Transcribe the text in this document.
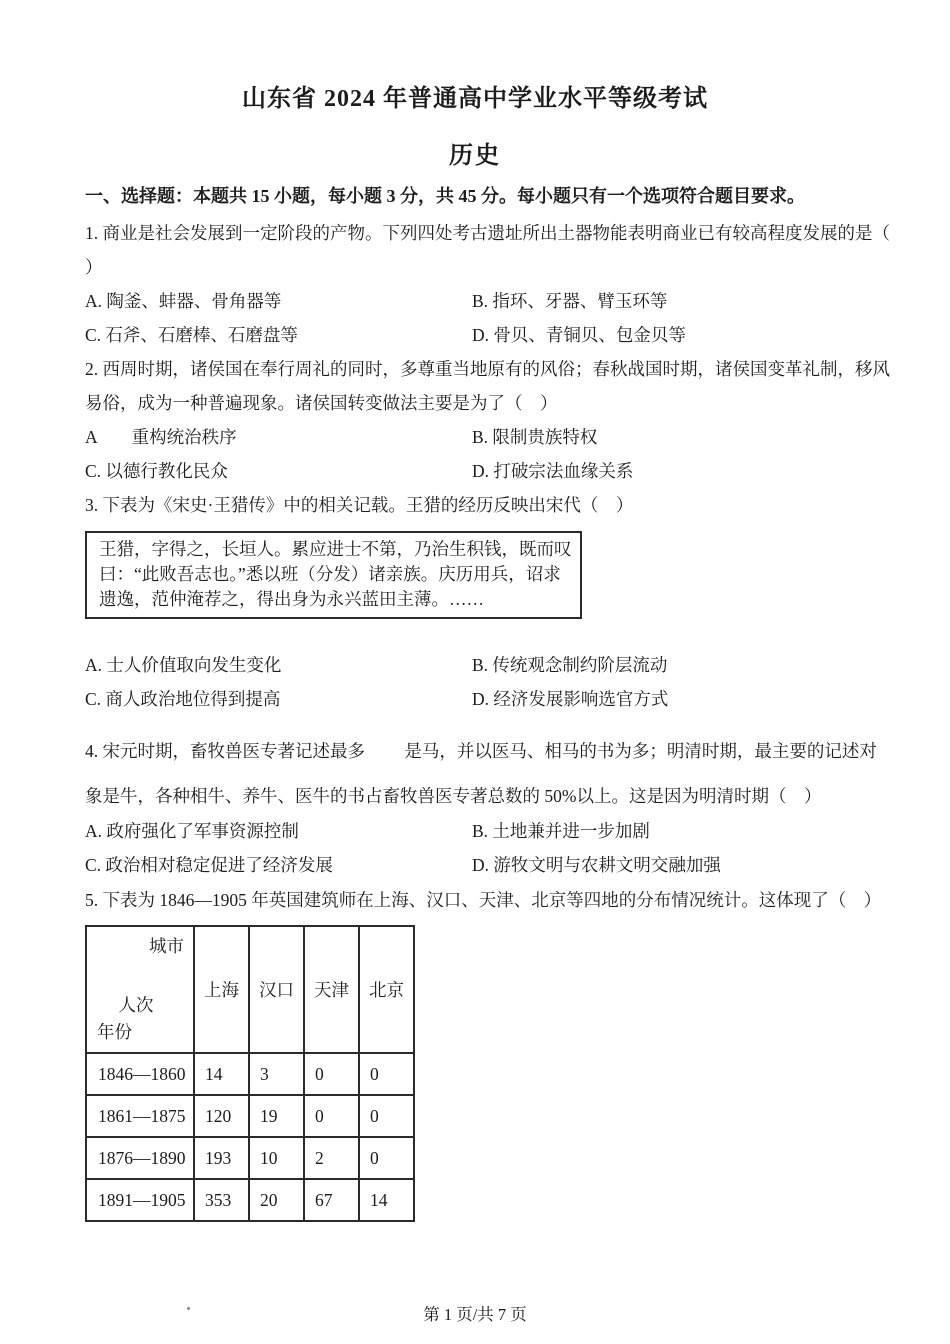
山东省 2024 年普通高中学业水平等级考试
历史
一、选择题：本题共 15 小题，每小题 3 分，共 45 分。每小题只有一个选项符合题目要求。
1. 商业是社会发展到一定阶段的产物。下列四处考古遗址所出土器物能表明商业已有较高程度发展的是（
）
A. 陶釜、蚌器、骨角器等	B. 指环、牙器、臂玉环等
C. 石斧、石磨棒、石磨盘等	D. 骨贝、青铜贝、包金贝等
2. 西周时期，诸侯国在奉行周礼的同时，多尊重当地原有的风俗；春秋战国时期，诸侯国变革礼制，移风
易俗，成为一种普遍现象。诸侯国转变做法主要是为了（　）
A　　重构统治秩序	B. 限制贵族特权
C. 以德行教化民众	D. 打破宗法血缘关系
3. 下表为《宋史·王猎传》中的相关记载。王猎的经历反映出宋代（　）
王猎，字得之，长垣人。累应进士不第，乃治生积钱，既而叹
曰：“此败吾志也。”悉以班（分发）诸亲族。庆历用兵，诏求
遗逸，范仲淹荐之，得出身为永兴蓝田主薄。……
A. 士人价值取向发生变化	B. 传统观念制约阶层流动
C. 商人政治地位得到提高	D. 经济发展影响选官方式
4. 宋元时期，畜牧兽医专著记述最多　 　是马，并以医马、相马的书为多；明清时期，最主要的记述对
象是牛，各种相牛、养牛、医牛的书占畜牧兽医专著总数的 50%以上。这是因为明清时期（　）
A. 政府强化了军事资源控制	B. 土地兼并进一步加剧
C. 政治相对稳定促进了经济发展	D. 游牧文明与农耕文明交融加强
5. 下表为 1846—1905 年英国建筑师在上海、汉口、天津、北京等四地的分布情况统计。这体现了（　）
城市
人次
年份	上海	汉口	天津	北京
1846—1860	14	3	0	0
1861—1875	120	19	0	0
1876—1890	193	10	2	0
1891—1905	353	20	67	14
第 1 页/共 7 页
